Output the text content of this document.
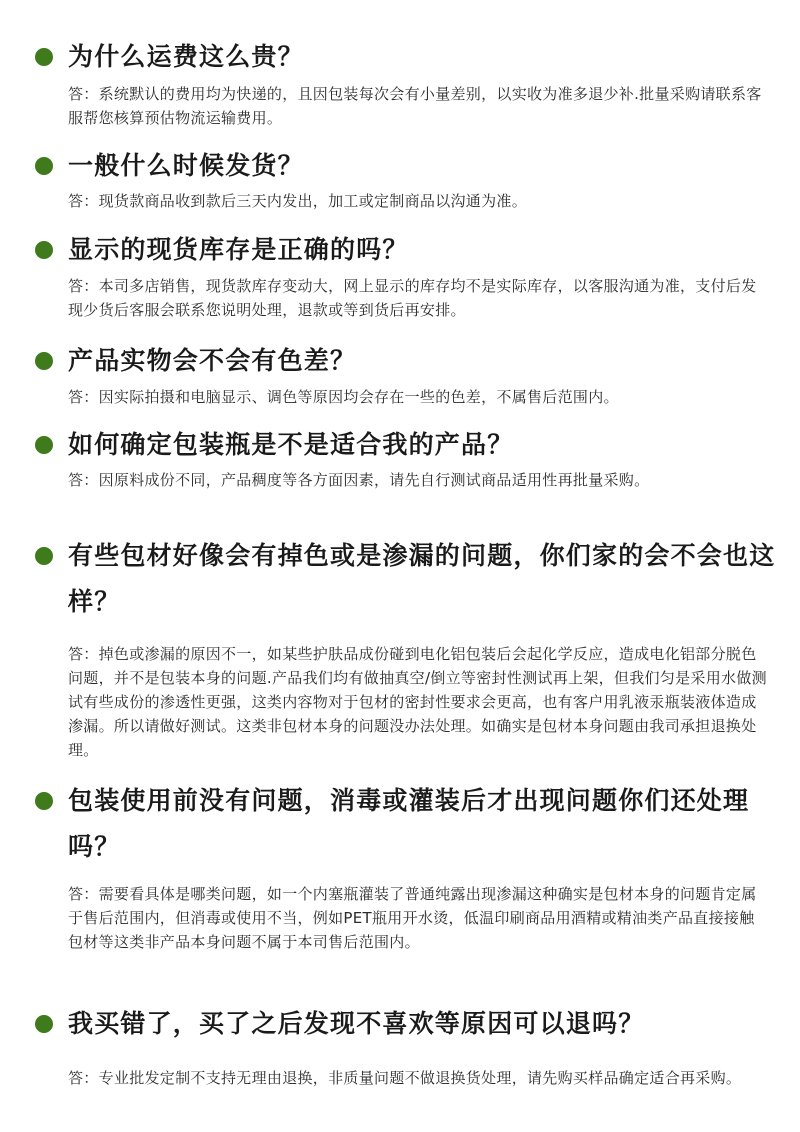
为什么运费这么贵？
答：系统默认的费用均为快递的，且因包装每次会有小量差别，以实收为准多退少补.批量采购请联系客服帮您核算预估物流运输费用。
一般什么时候发货？
答：现货款商品收到款后三天内发出，加工或定制商品以沟通为准。
显示的现货库存是正确的吗？
答：本司多店销售，现货款库存变动大，网上显示的库存均不是实际库存，以客服沟通为准，支付后发现少货后客服会联系您说明处理，退款或等到货后再安排。
产品实物会不会有色差？
答：因实际拍摄和电脑显示、调色等原因均会存在一些的色差，不属售后范围内。
如何确定包装瓶是不是适合我的产品？
答：因原料成份不同，产品稠度等各方面因素，请先自行测试商品适用性再批量采购。
有些包材好像会有掉色或是渗漏的问题，你们家的会不会也这样？
答：掉色或渗漏的原因不一，如某些护肤品成份碰到电化铝包装后会起化学反应，造成电化铝部分脱色问题，并不是包装本身的问题.产品我们均有做抽真空/倒立等密封性测试再上架，但我们匀是采用水做测试有些成份的渗透性更强，这类内容物对于包材的密封性要求会更高，也有客户用乳液汞瓶装液体造成渗漏。所以请做好测试。这类非包材本身的问题没办法处理。如确实是包材本身问题由我司承担退换处理。
包装使用前没有问题，消毒或灌装后才出现问题你们还处理吗？
答：需要看具体是哪类问题，如一个内塞瓶灌装了普通纯露出现渗漏这种确实是包材本身的问题肯定属于售后范围内，但消毒或使用不当，例如PET瓶用开水烫，低温印刷商品用酒精或精油类产品直接接触包材等这类非产品本身问题不属于本司售后范围内。
我买错了，买了之后发现不喜欢等原因可以退吗？
答：专业批发定制不支持无理由退换，非质量问题不做退换货处理，请先购买样品确定适合再采购。
